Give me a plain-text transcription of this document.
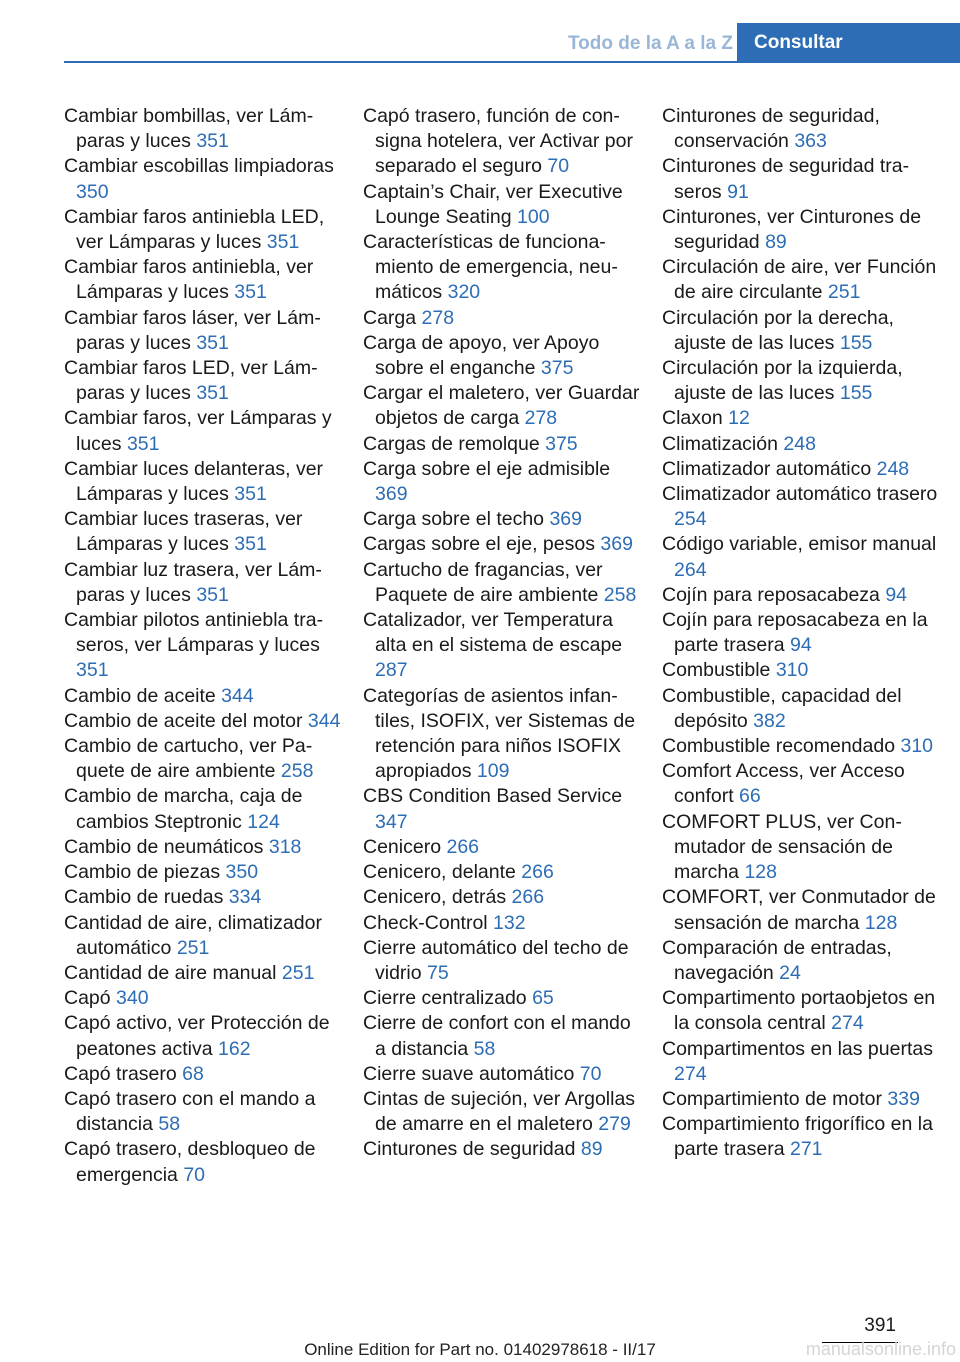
Todo de la A a la Z	Consultar
Cambiar bombillas, ver Lámparas y luces 351
Cambiar escobillas limpiadoras 350
Cambiar faros antiniebla LED, ver Lámparas y luces 351
Cambiar faros antiniebla, ver Lámparas y luces 351
Cambiar faros láser, ver Lámparas y luces 351
Cambiar faros LED, ver Lámparas y luces 351
Cambiar faros, ver Lámparas y luces 351
Cambiar luces delanteras, ver Lámparas y luces 351
Cambiar luces traseras, ver Lámparas y luces 351
Cambiar luz trasera, ver Lámparas y luces 351
Cambiar pilotos antiniebla traseros, ver Lámparas y luces 351
Cambio de aceite 344
Cambio de aceite del motor 344
Cambio de cartucho, ver Paquete de aire ambiente 258
Cambio de marcha, caja de cambios Steptronic 124
Cambio de neumáticos 318
Cambio de piezas 350
Cambio de ruedas 334
Cantidad de aire, climatizador automático 251
Cantidad de aire manual 251
Capó 340
Capó activo, ver Protección de peatones activa 162
Capó trasero 68
Capó trasero con el mando a distancia 58
Capó trasero, desbloqueo de emergencia 70
Capó trasero, función de consigna hotelera, ver Activar por separado el seguro 70
Captain’s Chair, ver Executive Lounge Seating 100
Características de funcionamiento de emergencia, neumáticos 320
Carga 278
Carga de apoyo, ver Apoyo sobre el enganche 375
Cargar el maletero, ver Guardar objetos de carga 278
Cargas de remolque 375
Carga sobre el eje admisible 369
Carga sobre el techo 369
Cargas sobre el eje, pesos 369
Cartucho de fragancias, ver Paquete de aire ambiente 258
Catalizador, ver Temperatura alta en el sistema de escape 287
Categorías de asientos infantiles, ISOFIX, ver Sistemas de retención para niños ISOFIX apropiados 109
CBS Condition Based Service 347
Cenicero 266
Cenicero, delante 266
Cenicero, detrás 266
Check-Control 132
Cierre automático del techo de vidrio 75
Cierre centralizado 65
Cierre de confort con el mando a distancia 58
Cierre suave automático 70
Cintas de sujeción, ver Argollas de amarre en el maletero 279
Cinturones de seguridad 89
Cinturones de seguridad, conservación 363
Cinturones de seguridad traseros 91
Cinturones, ver Cinturones de seguridad 89
Circulación de aire, ver Función de aire circulante 251
Circulación por la derecha, ajuste de las luces 155
Circulación por la izquierda, ajuste de las luces 155
Claxon 12
Climatización 248
Climatizador automático 248
Climatizador automático trasero 254
Código variable, emisor manual 264
Cojín para reposacabeza 94
Cojín para reposacabeza en la parte trasera 94
Combustible 310
Combustible, capacidad del depósito 382
Combustible recomendado 310
Comfort Access, ver Acceso confort 66
COMFORT PLUS, ver Conmutador de sensación de marcha 128
COMFORT, ver Conmutador de sensación de marcha 128
Comparación de entradas, navegación 24
Compartimento portaobjetos en la consola central 274
Compartimentos en las puertas 274
Compartimiento de motor 339
Compartimiento frigorífico en la parte trasera 271
391
Online Edition for Part no. 01402978618 - II/17	manualsonline.info
